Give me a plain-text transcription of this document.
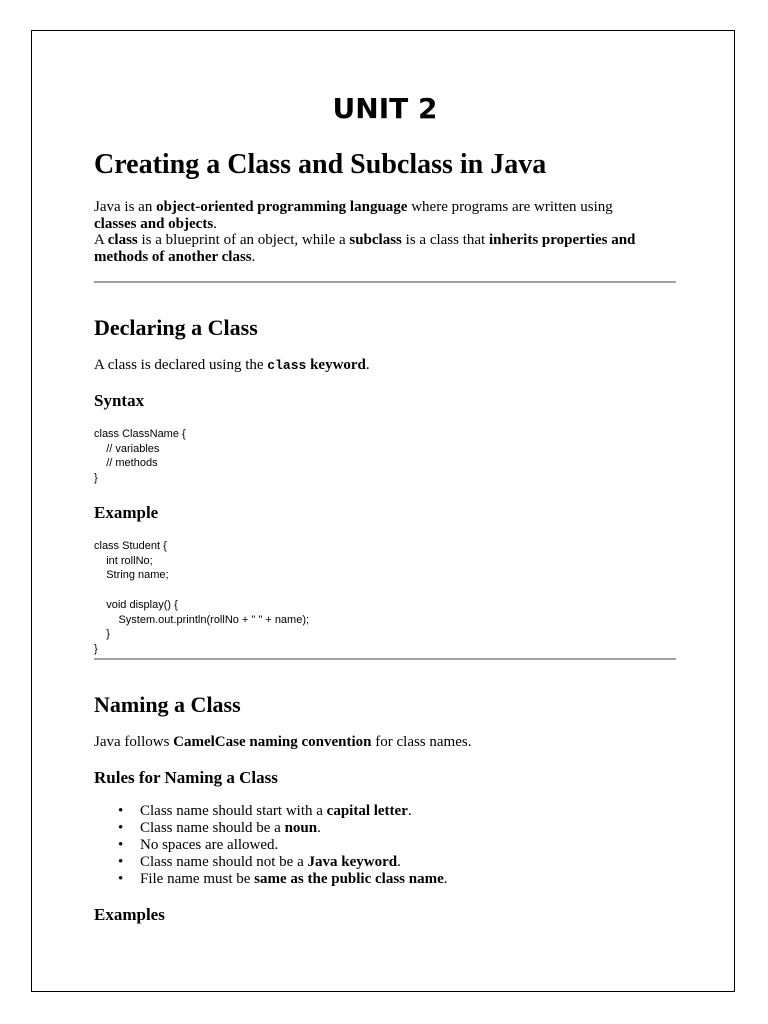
UNIT 2
Creating a Class and Subclass in Java
Java is an object-oriented programming language where programs are written using
classes and objects.
A class is a blueprint of an object, while a subclass is a class that inherits properties and
methods of another class.
Declaring a Class
A class is declared using the class keyword.
Syntax
class ClassName {
// variables
// methods
}
Example
class Student {
int rollNo;
String name;

void display() {
System.out.println(rollNo + " " + name);
}
}
Naming a Class
Java follows CamelCase naming convention for class names.
Rules for Naming a Class
• Class name should start with a capital letter.
• Class name should be a noun.
• No spaces are allowed.
• Class name should not be a Java keyword.
• File name must be same as the public class name.
Examples
